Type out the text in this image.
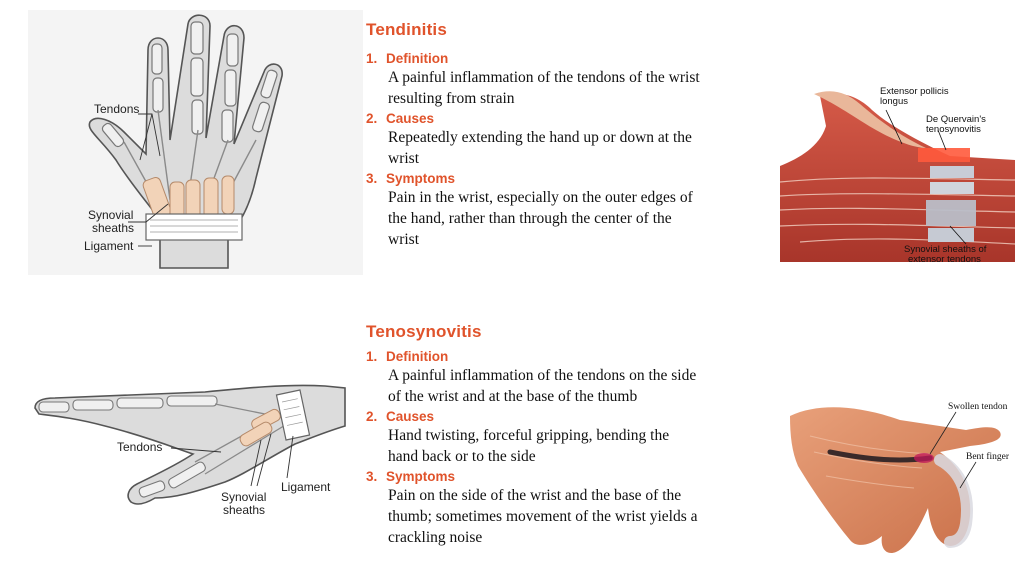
Tendons
Synovial
sheaths
Ligament
Tendinitis

1. Definition

A painful inflammation of the tendons of the wrist

resulting from strain

2. Causes

Repeatedly extending the hand up or down at the

wrist

3. Symptoms

Pain in the wrist, especially on the outer edges of

the hand, rather than through the center of the

wrist

Extensor pollicis
longus
De Quervain's
tenosynovitis
Synovial sheaths of
extensor tendons
Tendons
Synovial
sheaths
Ligament
Tenosynovitis

1. Definition

A painful inflammation of the tendons on the side

of the wrist and at the base of the thumb

2. Causes

Hand twisting, forceful gripping, bending the

hand back or to the side

3. Symptoms

Pain on the side of the wrist and the base of the

thumb; sometimes movement of the wrist yields a

crackling noise

Swollen tendon
Bent finger
